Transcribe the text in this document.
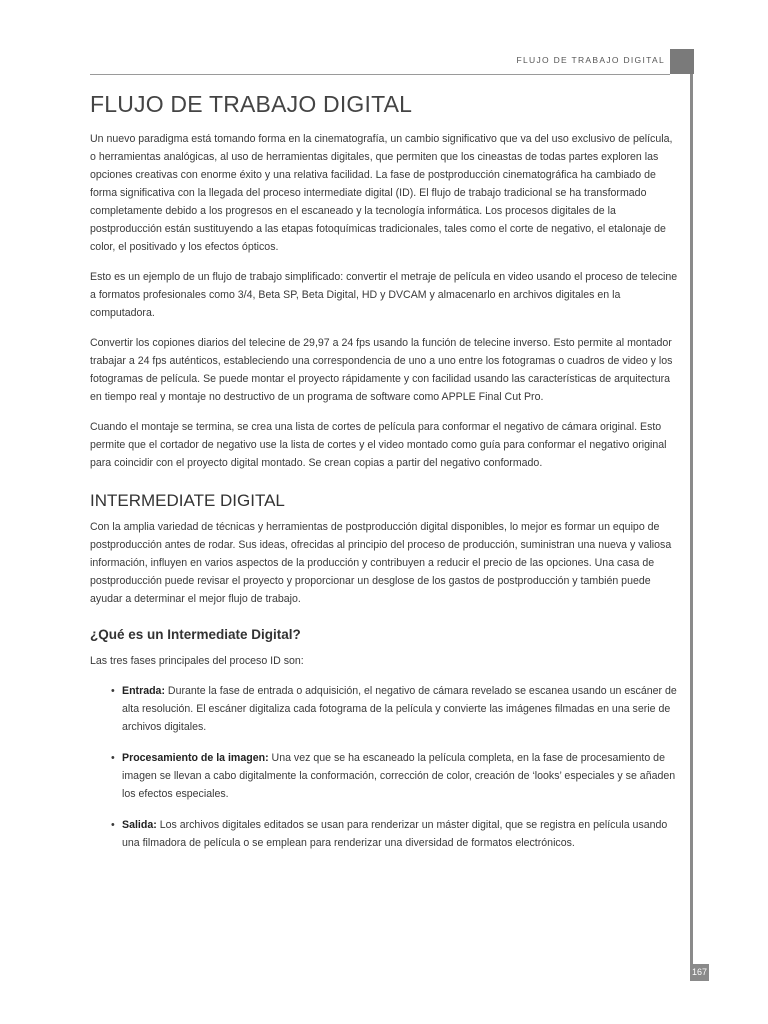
FLUJO DE TRABAJO DIGITAL
167
FLUJO DE TRABAJO DIGITAL

Un nuevo paradigma está tomando forma en la cinematografía, un cambio significativo que va del uso exclusivo de película, o herramientas analógicas, al uso de herramientas digitales, que permiten que los cineastas de todas partes exploren las opciones creativas con enorme éxito y una relativa facilidad. La fase de postproducción cinematográfica ha cambiado de forma significativa con la llegada del proceso intermediate digital (ID). El flujo de trabajo tradicional se ha transformado completamente debido a los progresos en el escaneado y la tecnología informática. Los procesos digitales de la postproducción están sustituyendo a las etapas fotoquímicas tradicionales, tales como el corte de negativo, el etalonaje de color, el positivado y los efectos ópticos.

Esto es un ejemplo de un flujo de trabajo simplificado: convertir el metraje de película en video usando el proceso de telecine a formatos profesionales como 3/4, Beta SP, Beta Digital, HD y DVCAM y almacenarlo en archivos digitales en la computadora.

Convertir los copiones diarios del telecine de 29,97 a 24 fps usando la función de telecine inverso. Esto permite al montador trabajar a 24 fps auténticos, estableciendo una correspondencia de uno a uno entre los fotogramas o cuadros de video y los fotogramas de película. Se puede montar el proyecto rápidamente y con facilidad usando las características de arquitectura en tiempo real y montaje no destructivo de un programa de software como APPLE Final Cut Pro.

Cuando el montaje se termina, se crea una lista de cortes de película para conformar el negativo de cámara original. Esto permite que el cortador de negativo use la lista de cortes y el video montado como guía para conformar el negativo original para coincidir con el proyecto digital montado. Se crean copias a partir del negativo conformado.

INTERMEDIATE DIGITAL

Con la amplia variedad de técnicas y herramientas de postproducción digital disponibles, lo mejor es formar un equipo de postproducción antes de rodar. Sus ideas, ofrecidas al principio del proceso de producción, suministran una nueva y valiosa información, influyen en varios aspectos de la producción y contribuyen a reducir el precio de las opciones. Una casa de postproducción puede revisar el proyecto y proporcionar un desglose de los gastos de postproducción y también puede ayudar a determinar el mejor flujo de trabajo.

¿Qué es un Intermediate Digital?

Las tres fases principales del proceso ID son:

• Entrada: Durante la fase de entrada o adquisición, el negativo de cámara revelado se escanea usando un escáner de alta resolución. El escáner digitaliza cada fotograma de la película y convierte las imágenes filmadas en una serie de archivos digitales.
• Procesamiento de la imagen: Una vez que se ha escaneado la película completa, en la fase de procesamiento de imagen se llevan a cabo digitalmente la conformación, corrección de color, creación de ‘looks’ especiales y se añaden los efectos especiales.
• Salida: Los archivos digitales editados se usan para renderizar un máster digital, que se registra en película usando una filmadora de película o se emplean para renderizar una diversidad de formatos electrónicos.
